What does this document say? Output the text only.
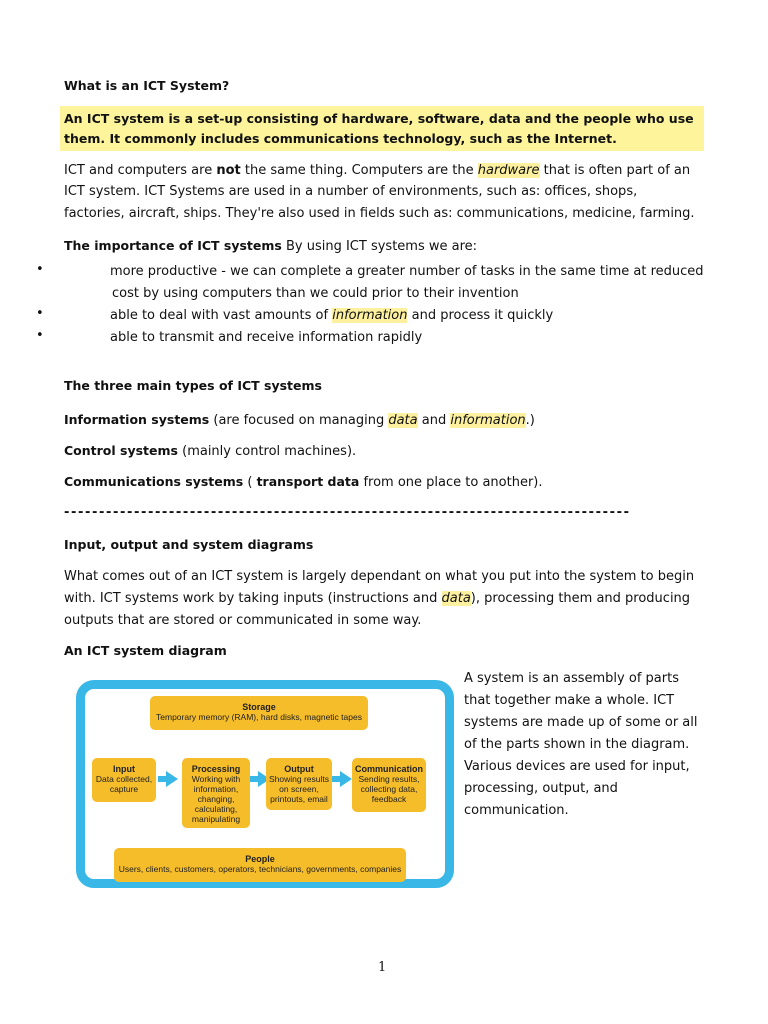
What is an ICT System?
An ICT system is a set-up consisting of hardware, software, data and the people who use
them. It commonly includes communications technology, such as the Internet.
ICT and computers are not the same thing. Computers are the hardware that is often part of an
ICT system. ICT Systems are used in a number of environments, such as: offices, shops,
factories, aircraft, ships. They're also used in fields such as: communications, medicine, farming.
The importance of ICT systems By using ICT systems we are:
•	more productive - we can complete a greater number of tasks in the same time at reduced
cost by using computers than we could prior to their invention
•	able to deal with vast amounts of information and process it quickly
•	able to transmit and receive information rapidly
The three main types of ICT systems
Information systems (are focused on managing data and information.)
Control systems (mainly control machines).
Communications systems ( transport data from one place to another).
---------------------------------------------------------------------------------
Input, output and system diagrams
What comes out of an ICT system is largely dependant on what you put into the system to begin
with. ICT systems work by taking inputs (instructions and data), processing them and producing
outputs that are stored or communicated in some way.
An ICT system diagram
Storage
Temporary memory (RAM), hard disks, magnetic tapes
Input
Data collected, capture
Processing
Working with information, changing, calculating, manipulating
Output
Showing results on screen, printouts, email
Communication
Sending results, collecting data, feedback
People
Users, clients, customers, operators, technicians, governments, companies
A system is an assembly of parts
that together make a whole. ICT
systems are made up of some or all
of the parts shown in the diagram.
Various devices are used for input,
processing, output, and
communication.
1
